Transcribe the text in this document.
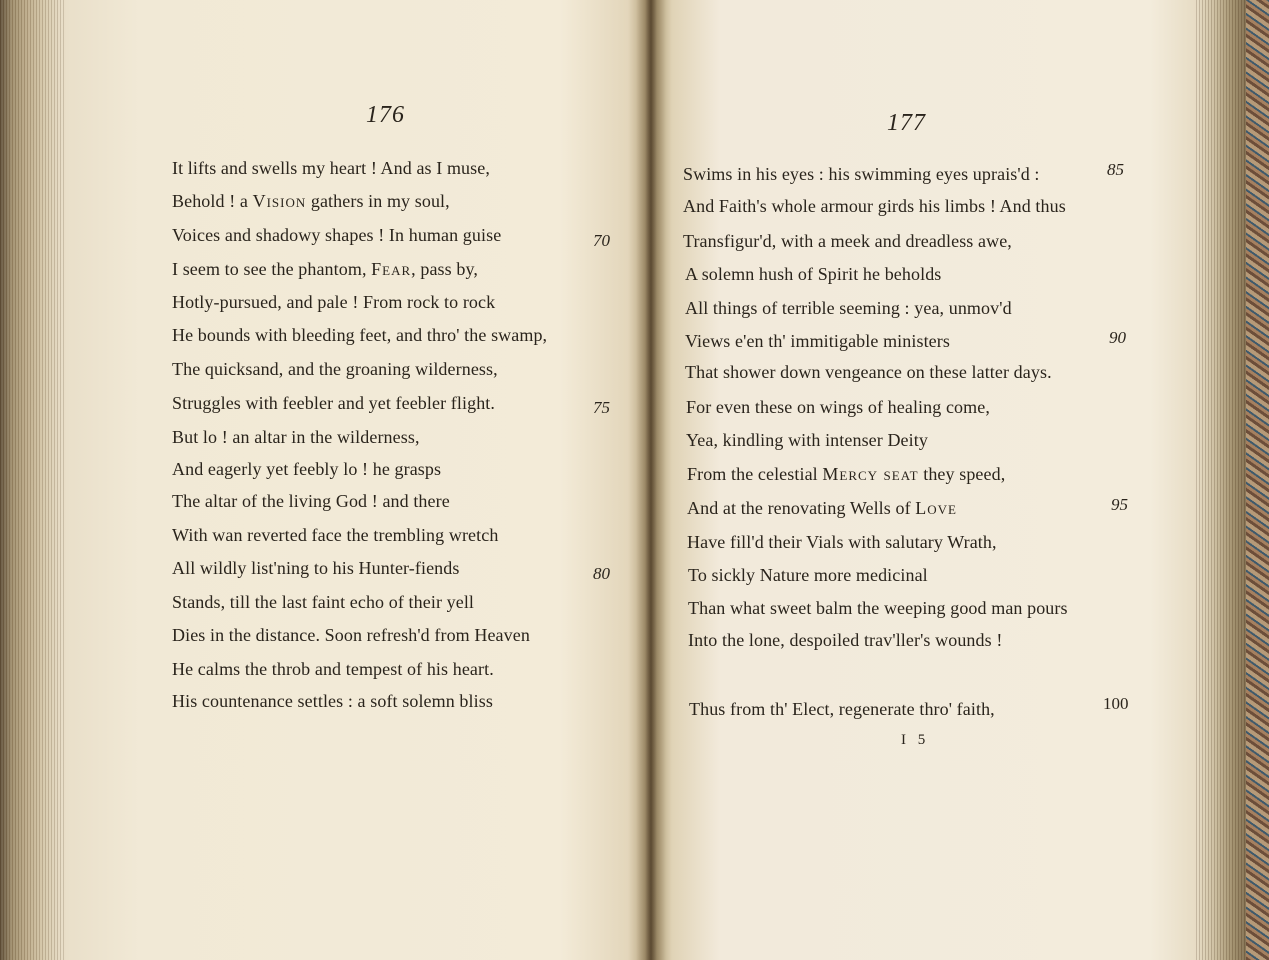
176
It lifts and swells my heart ! And as I muse,
Behold ! a Vision gathers in my soul,
Voices and shadowy shapes ! In human guise	70
I seem to see the phantom, Fear, pass by,
Hotly-pursued, and pale ! From rock to rock
He bounds with bleeding feet, and thro' the swamp,
The quicksand, and the groaning wilderness,
Struggles with feebler and yet feebler flight.	75
But lo ! an altar in the wilderness,
And eagerly yet feebly lo ! he grasps
The altar of the living God ! and there
With wan reverted face the trembling wretch
All wildly list'ning to his Hunter-fiends	80
Stands, till the last faint echo of their yell
Dies in the distance. Soon refresh'd from Heaven
He calms the throb and tempest of his heart.
His countenance settles : a soft solemn bliss
177
Swims in his eyes : his swimming eyes uprais'd :	85
And Faith's whole armour girds his limbs ! And thus
Transfigur'd, with a meek and dreadless awe,
A solemn hush of Spirit he beholds
All things of terrible seeming : yea, unmov'd
Views e'en th' immitigable ministers	90
That shower down vengeance on these latter days.
For even these on wings of healing come,
Yea, kindling with intenser Deity
From the celestial Mercy seat they speed,
And at the renovating Wells of Love	95
Have fill'd their Vials with salutary Wrath,
To sickly Nature more medicinal
Than what sweet balm the weeping good man pours
Into the lone, despoiled trav'ller's wounds !
Thus from th' Elect, regenerate thro' faith,	100
I 5
